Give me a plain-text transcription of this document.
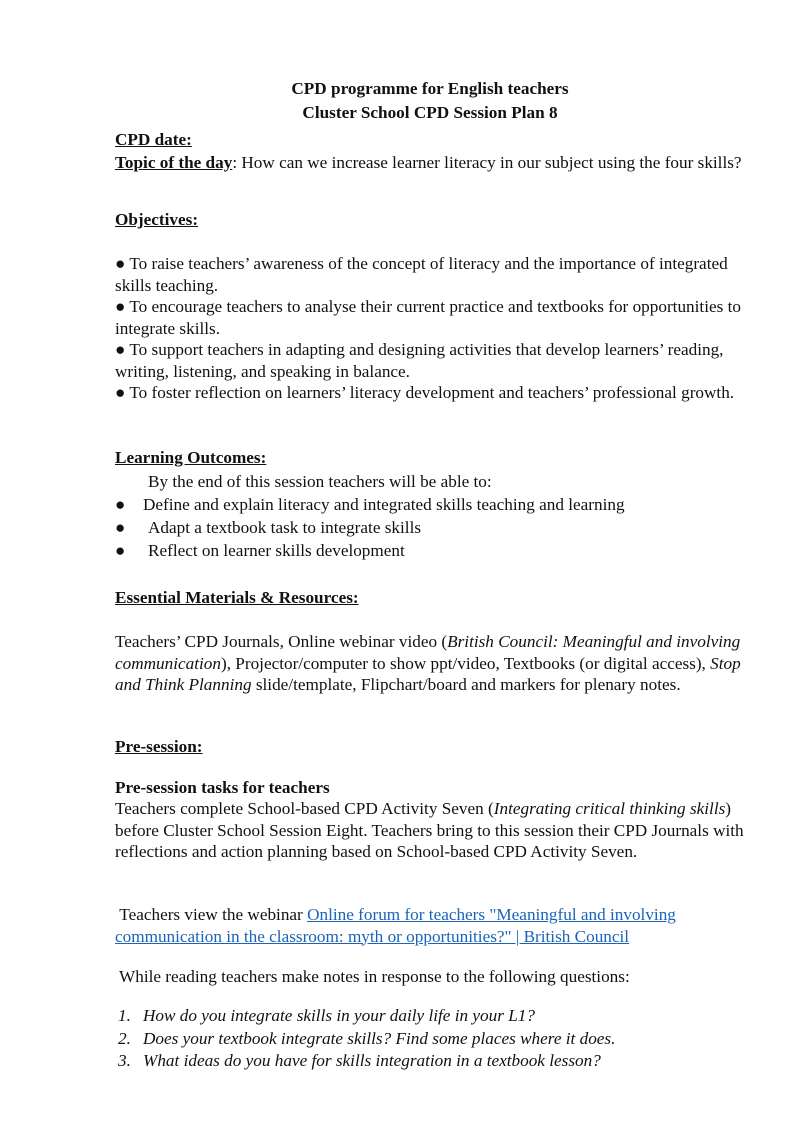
CPD programme for English teachers
Cluster School CPD Session Plan 8
CPD date:
Topic of the day: How can we increase learner literacy in our subject using the four skills?
Objectives:
● To raise teachers’ awareness of the concept of literacy and the importance of integrated skills teaching.
● To encourage teachers to analyse their current practice and textbooks for opportunities to integrate skills.
● To support teachers in adapting and designing activities that develop learners’ reading, writing, listening, and speaking in balance.
● To foster reflection on learners’ literacy development and teachers’ professional growth.
Learning Outcomes:
By the end of this session teachers will be able to:
● Define and explain literacy and integrated skills teaching and learning
● Adapt a textbook task to integrate skills
● Reflect on learner skills development
Essential Materials & Resources:
Teachers’ CPD Journals, Online webinar video (British Council: Meaningful and involving communication), Projector/computer to show ppt/video, Textbooks (or digital access), Stop and Think Planning slide/template, Flipchart/board and markers for plenary notes.
Pre-session:
Pre-session tasks for teachers
Teachers complete School-based CPD Activity Seven (Integrating critical thinking skills) before Cluster School Session Eight. Teachers bring to this session their CPD Journals with reflections and action planning based on School-based CPD Activity Seven.
Teachers view the webinar Online forum for teachers "Meaningful and involving communication in the classroom: myth or opportunities?" | British Council
While reading teachers make notes in response to the following questions:
1. How do you integrate skills in your daily life in your L1?
2. Does your textbook integrate skills? Find some places where it does.
3. What ideas do you have for skills integration in a textbook lesson?
